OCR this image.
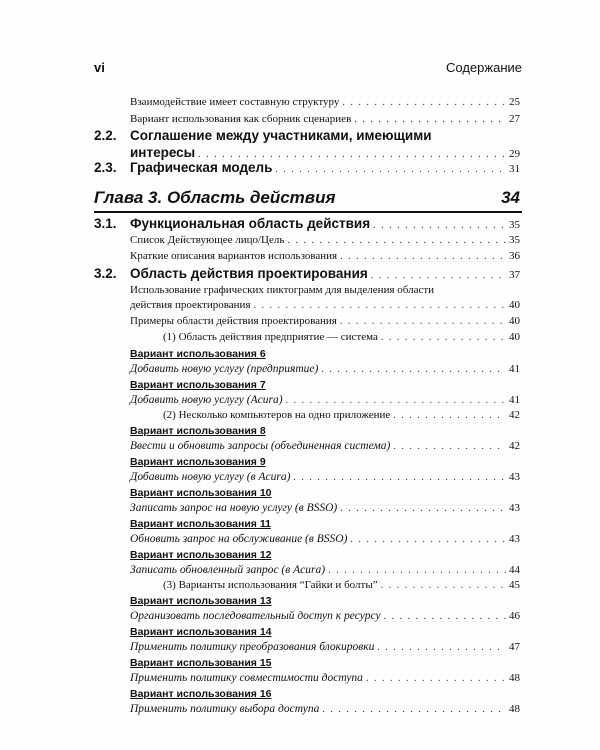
vi	Содержание
Взаимодействие имеет составную структуру . . .	25
Вариант использования как сборник сценариев . . .	27
2.2. Соглашение между участниками, имеющими
интересы . . .	29
2.3. Графическая модель . . .	31
Глава 3. Область действия	34
3.1. Функциональная область действия . . .	35
Список Действующее лицо/Цель . . .	35
Краткие описания вариантов использования . . .	36
3.2. Область действия проектирования . . .	37
Использование графических пиктограмм для выделения области
действия проектирования . . .	40
Примеры области действия проектирования . . .	40
(1) Область действия предприятие — система . . .	40
Вариант использования 6
Добавить новую услугу (предприятие) . . .	41
Вариант использования 7
Добавить новую услугу (Acura) . . .	41
(2) Несколько компьютеров на одно приложение . . .	42
Вариант использования 8
Ввести и обновить запросы (объединенная система) . . .	42
Вариант использования 9
Добавить новую услугу (в Acura) . . .	43
Вариант использования 10
Записать запрос на новую услугу (в BSSO) . . .	43
Вариант использования 11
Обновить запрос на обслуживание (в BSSO) . . .	43
Вариант использования 12
Записать обновленный запрос (в Acura) . . .	44
(3) Варианты использования “Гайки и болты” . . .	45
Вариант использования 13
Организовать последовательный доступ к ресурсу . . .	46
Вариант использования 14
Применить политику преобразования блокировки . . .	47
Вариант использования 15
Применить политику совместимости доступа . . .	48
Вариант использования 16
Применить политику выбора доступа . . .	48
